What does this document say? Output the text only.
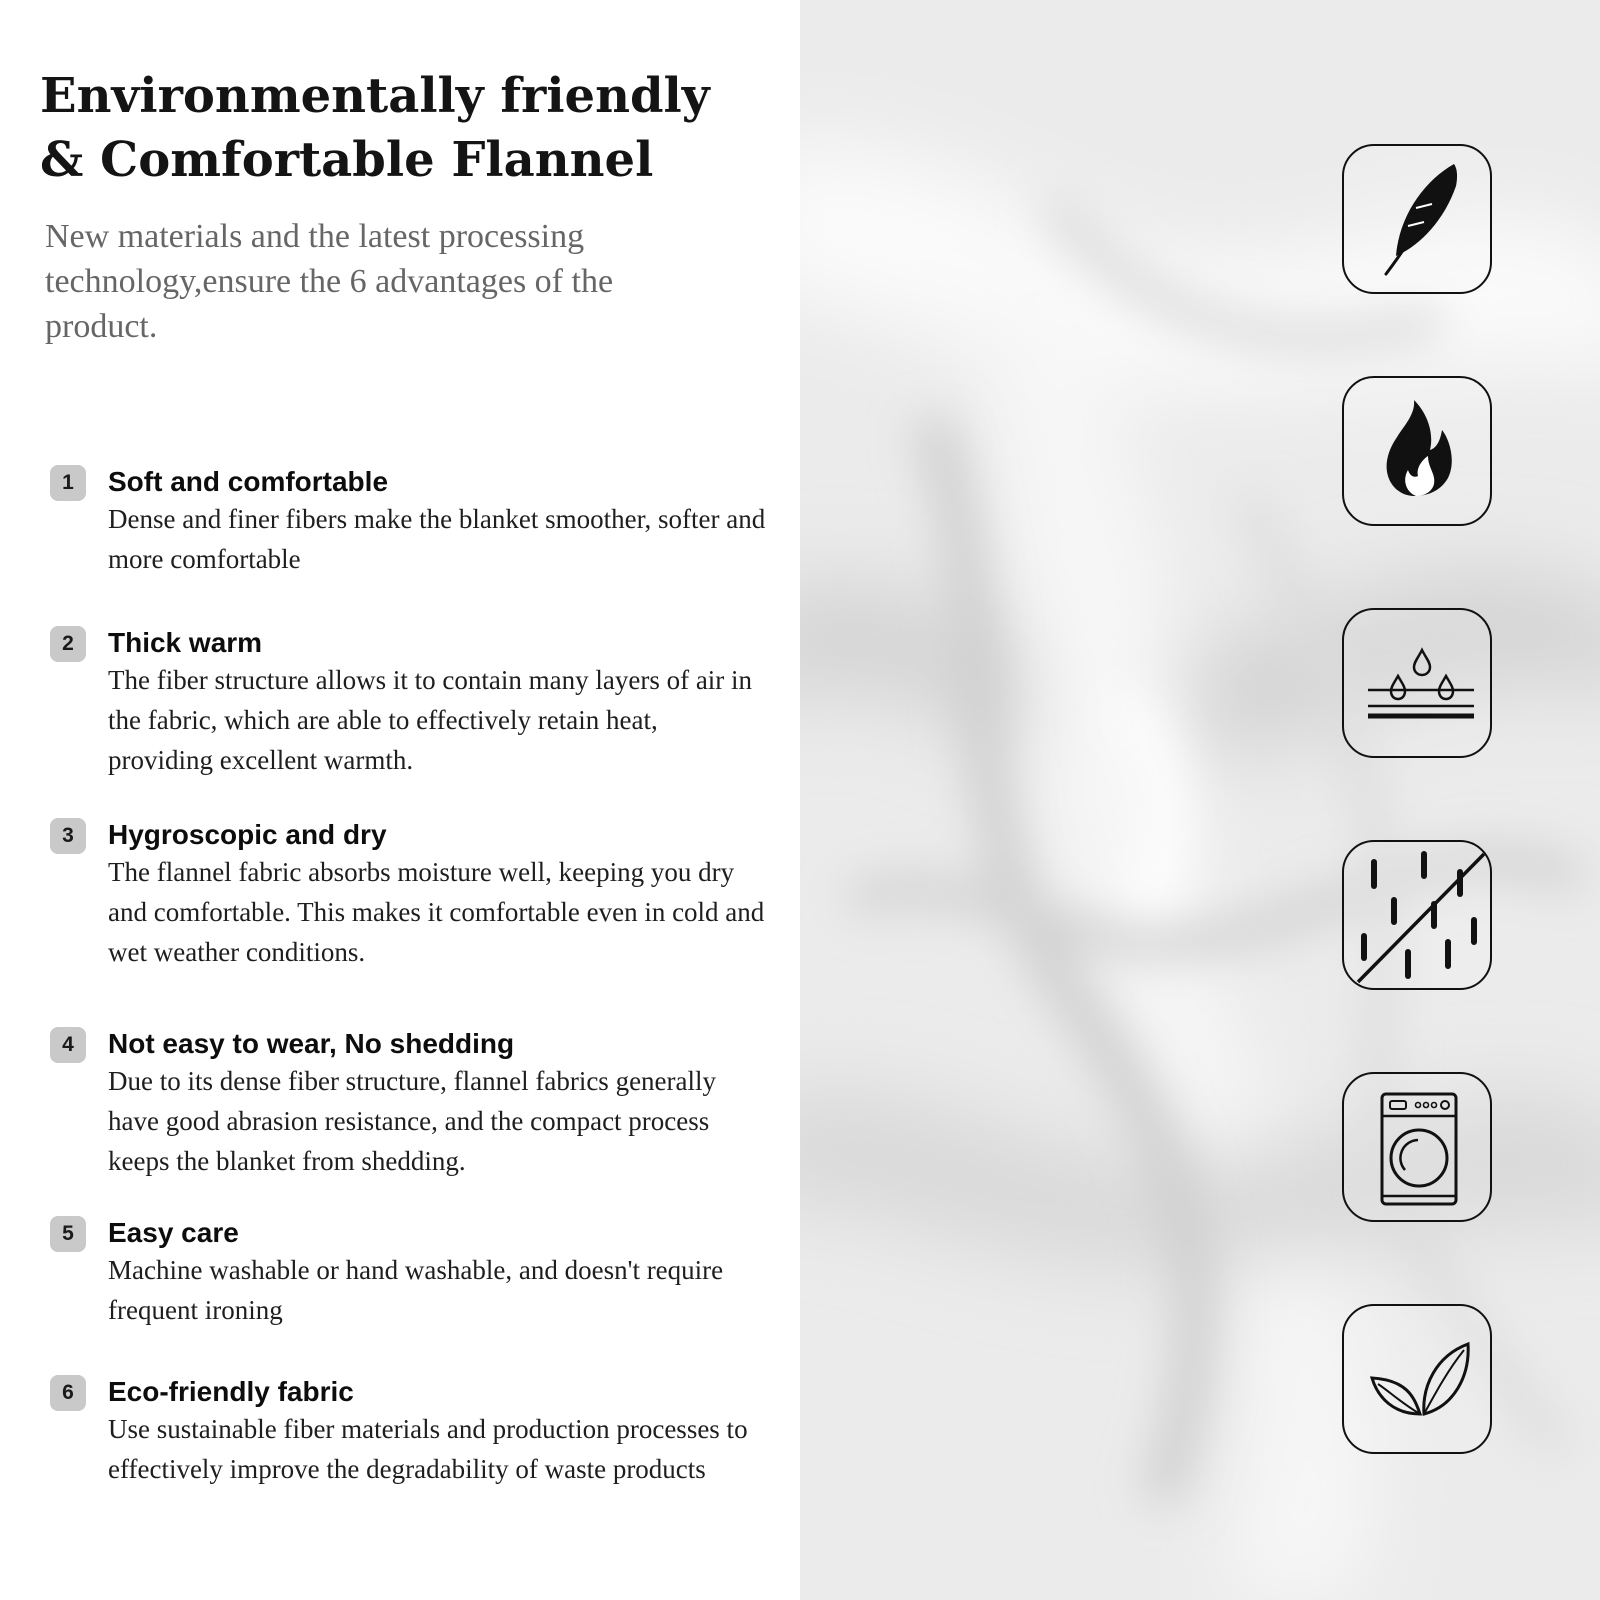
Environmentally friendly & Comfortable Flannel

New materials and the latest processing technology,ensure the 6 advantages of the product.

1	Soft and comfortable
Dense and finer fibers make the blanket smoother, softer and more comfortable
2	Thick warm
The fiber structure allows it to contain many layers of air in the fabric, which are able to effectively retain heat, providing excellent warmth.
3	Hygroscopic and dry
The flannel fabric absorbs moisture well, keeping you dry and comfortable. This makes it comfortable even in cold and wet weather conditions.
4	Not easy to wear, No shedding
Due to its dense fiber structure, flannel fabrics generally have good abrasion resistance, and the compact process keeps the blanket from shedding.
5	Easy care
Machine washable or hand washable, and doesn't require frequent ironing
6	Eco-friendly fabric
Use sustainable fiber materials and production processes to effectively improve the degradability of waste products
